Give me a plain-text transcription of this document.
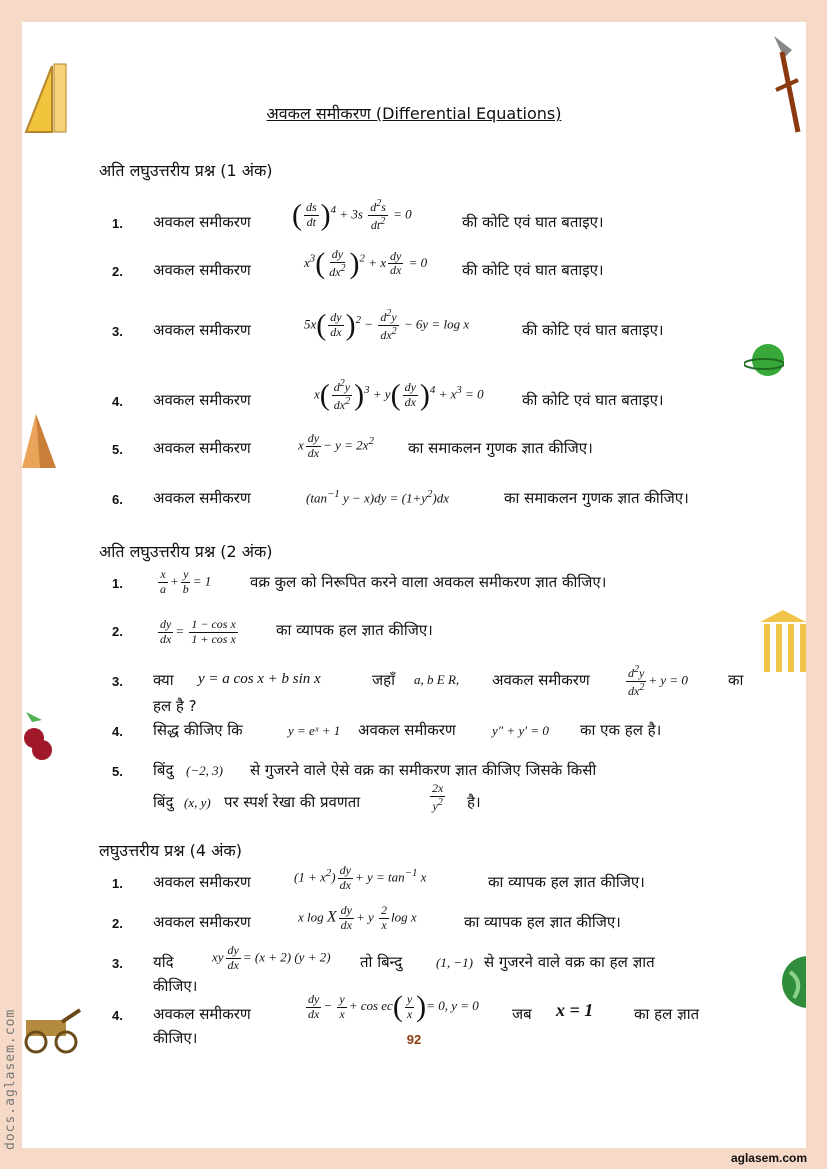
अवकल समीकरण (Differential Equations)
अति लघुउत्तरीय प्रश्न (1 अंक)
1. अवकल समीकरण ( $\frac{ds}{dt} )^4 + 3s \frac{d^2s}{dt^2} = 0$	की कोटि एवं घात बताइए।
2. अवकल समीकरण	$x^3( \frac{dy}{dx^2} )^2 + x \frac{dy}{dx} = 0$ की कोटि एवं घात बताइए।
3. अवकल समीकरण	$5x( \frac{dy}{dx} )^2 - \frac{d^2y}{dx^2} - 6y = \log x$	की कोटि एवं घात बताइए।
4. अवकल समीकरण	$x( \frac{d^2y}{dx^2} )^3 + y( \frac{dy}{dx} )^4 + x^3 = 0$	की कोटि एवं घात बताइए।
5. अवकल समीकरण	x $\frac{dy}{dx} - y = 2x^2$ का समाकलन गुणक ज्ञात कीजिए।
6. अवकल समीकरण	($\tan^{-1}$ $y - x)dy = (1+y^2)dx$	का समाकलन गुणक ज्ञात कीजिए।
अति लघुउत्तरीय प्रश्न (2 अंक)
1.	$\frac{x}{a} + \frac{y}{b} = 1$	वक्र कुल को निरूपित करने वाला अवकल समीकरण ज्ञात कीजिए।
2.	$\frac{dy}{dx} = \frac{\text{1 − cos x}}{\text{1 + cos x}}$	का व्यापक हल ज्ञात कीजिए।
3. क्या y = a cos x + b sin x	जहाँ a, b E R, अवकल समीकरण	$\frac{d^2y}{dx^2} + y = 0$	का
हल है ?
4. सिद्ध कीजिए कि	y = eˣ + 1 अवकल समीकरण	y″ + y′ = 0 का एक हल है।
5. बिंदु (−2, 3) से गुजरने वाले ऐसे वक्र का समीकरण ज्ञात कीजिए जिसके किसी
बिंदु (x, y) पर स्पर्श रेखा की प्रवणता	$\frac{2x}{y^2}$ है।
लघुउत्तरीय प्रश्न (4 अंक)
1. अवकल समीकरण	$(1 + x^2) \frac{dy}{dx} + y = \tan^{-1} x$	का व्यापक हल ज्ञात कीजिए।
2. अवकल समीकरण	x log X $\frac{dy}{dx} + y \frac{2}{x}$ log x	का व्यापक हल ज्ञात कीजिए।
3. यदि	xy $\frac{dy}{dx} = (x + 2) (y + 2)$ तो बिन्दु	(1, −1) से गुजरने वाले वक्र का हल ज्ञात
कीजिए।
4. अवकल समीकरण	$\frac{dy}{dx} - \frac{y}{x} + \cos ec( \frac{y}{x}$ )= 0, y = 0 जब x = 1	का हल ज्ञात
कीजिए।	92
docs.aglasem.com
aglasem.com
